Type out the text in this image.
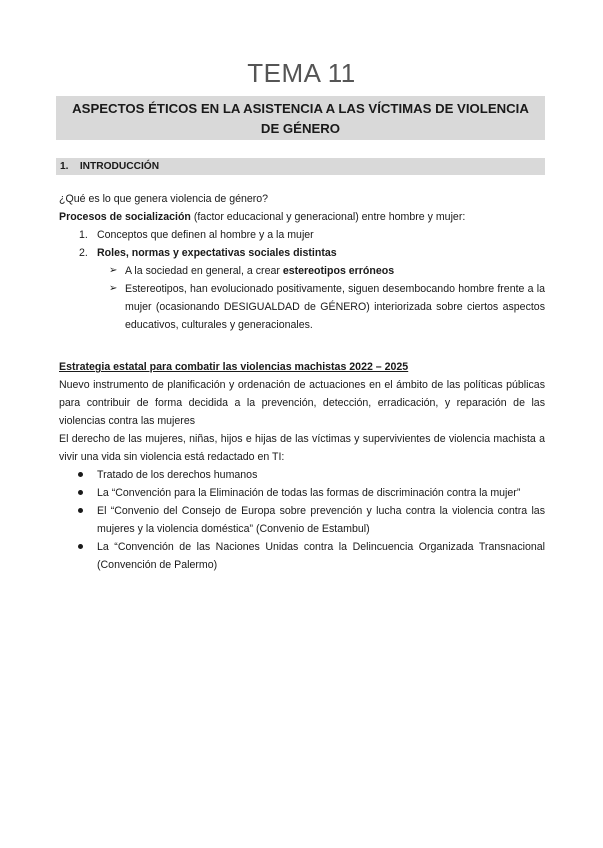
TEMA 11
ASPECTOS ÉTICOS EN LA ASISTENCIA A LAS VÍCTIMAS DE VIOLENCIA
DE GÉNERO
1. INTRODUCCIÓN

¿Qué es lo que genera violencia de género?

Procesos de socialización (factor educacional y generacional) entre hombre y mujer:

1. Conceptos que definen al hombre y a la mujer
2. Roles, normas y expectativas sociales distintas
➢ A la sociedad en general, a crear estereotipos erróneos
➢ Estereotipos, han evolucionado positivamente, siguen desembocando hombre frente a la mujer (ocasionando DESIGUALDAD de GÉNERO) interiorizada sobre ciertos aspectos educativos, culturales y generacionales.

Estrategia estatal para combatir las violencias machistas 2022 – 2025

Nuevo instrumento de planificación y ordenación de actuaciones en el ámbito de las políticas públicas para contribuir de forma decidida a la prevención, detección, erradicación, y reparación de las violencias contra las mujeres

El derecho de las mujeres, niñas, hijos e hijas de las víctimas y supervivientes de violencia machista a vivir una vida sin violencia está redactado en TI:

Tratado de los derechos humanos
La “Convención para la Eliminación de todas las formas de discriminación contra la mujer”
El “Convenio del Consejo de Europa sobre prevención y lucha contra la violencia contra las mujeres y la violencia doméstica” (Convenio de Estambul)
La “Convención de las Naciones Unidas contra la Delincuencia Organizada Transnacional (Convención de Palermo)
